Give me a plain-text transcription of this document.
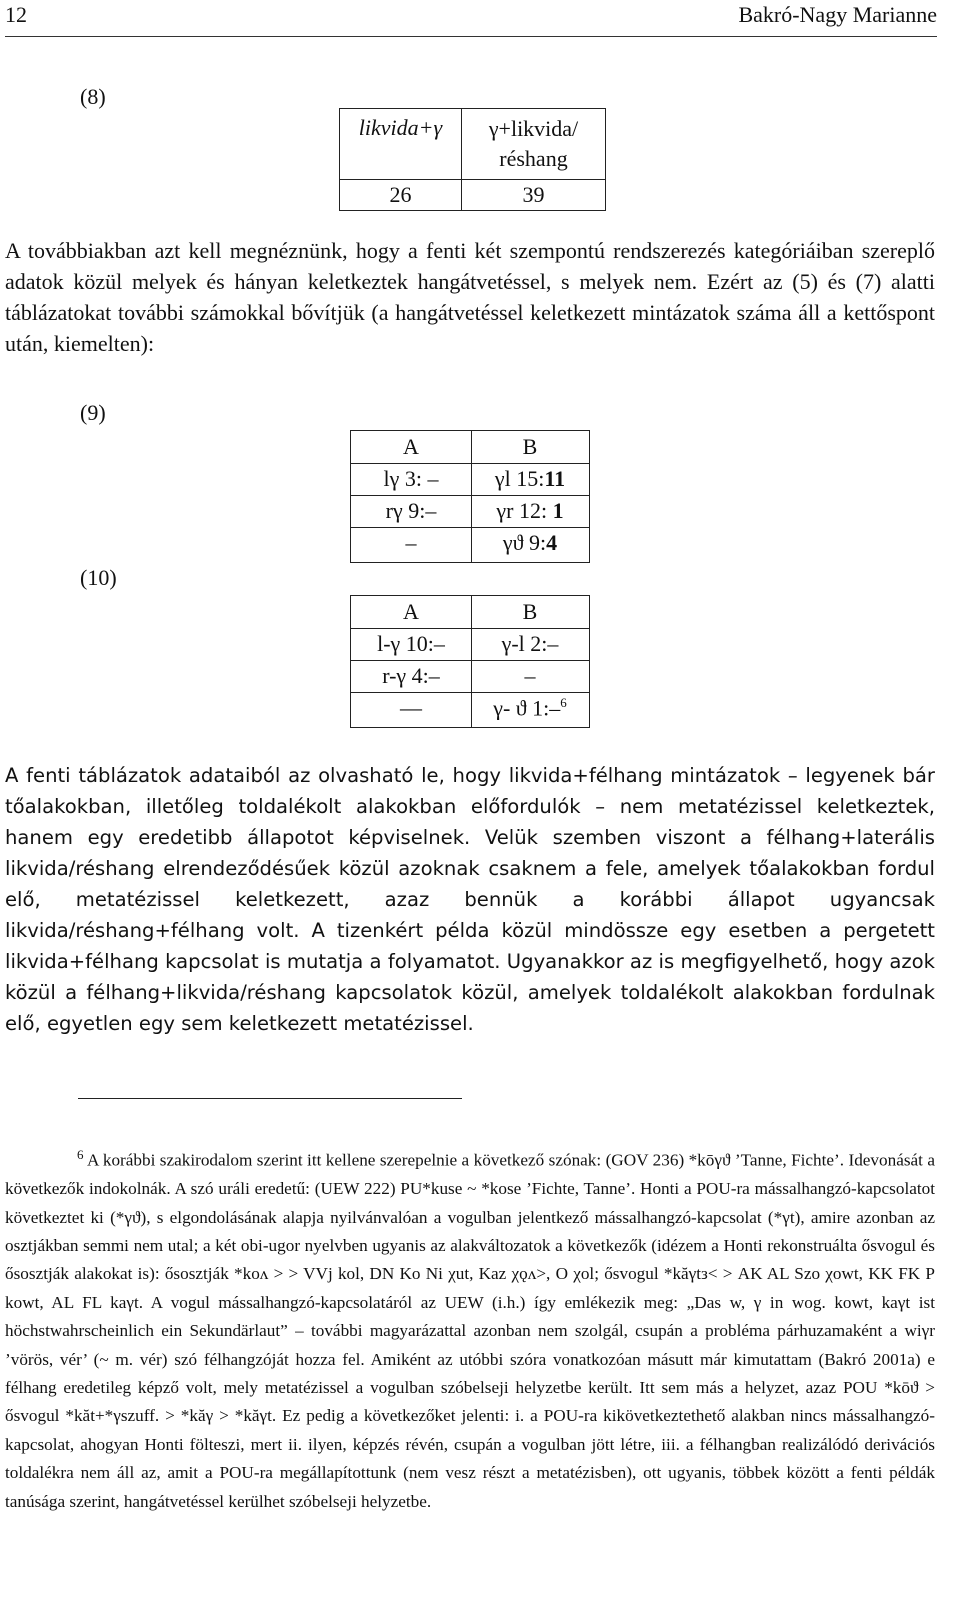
12	Bakró-Nagy Marianne
(8)
likvida+γ	γ+likvida/
réshang
26	39

A továbbiakban azt kell megnéznünk, hogy a fenti két szempontú rendszerezés kategóriáiban szereplő adatok közül melyek és hányan keletkeztek hangátvetéssel, s melyek nem. Ezért az (5) és (7) alatti táblázatokat további számokkal bővítjük (a hangátvetéssel keletkezett mintázatok száma áll a kettőspont után, kiemelten):

(9)
A	B
lγ 3: –	γl 15:11
rγ 9:–	γr 12: 1
–	γϑ 9:4
(10)
A	B
l-γ 10:–	γ-l 2:–
r-γ 4:–	–
—	γ- ϑ 1:–$^6$

A fenti táblázatok adataiból az olvasható le, hogy likvida+félhang mintázatok – legyenek bár tőalakokban, illetőleg toldalékolt alakokban előfordulók – nem metatézissel keletkeztek, hanem egy eredetibb állapotot képviselnek. Velük szemben viszont a félhang+laterális likvida/réshang elrendeződésűek közül azoknak csaknem a fele, amelyek tőalakokban fordul elő, metatézissel keletkezett, azaz bennük a korábbi állapot ugyancsak likvida/réshang+félhang volt. A tizenkért példa közül mindössze egy esetben a pergetett likvida+félhang kapcsolat is mutatja a folyamatot. Ugyanakkor az is megfigyelhető, hogy azok közül a félhang+likvida/réshang kapcsolatok közül, amelyek toldalékolt alakokban fordulnak elő, egyetlen egy sem keletkezett metatézissel.

$^6$ A korábbi szakirodalom szerint itt kellene szerepelnie a következő szónak: (GOV 236) *kōγϑ ’Tanne, Fichte’. Idevonását a következők indokolnák. A szó uráli eredetű: (UEW 222) PU*kuse ~ *kose ’Fichte, Tanne’. Honti a POU-ra mássalhangzó-kapcsolatot következtet ki (*γϑ), s elgondolásának alapja nyilvánvalóan a vogulban jelentkező mássalhangzó-kapcsolat (*γt), amire azonban az osztjákban semmi nem utal; a két obi-ugor nyelvben ugyanis az alakváltozatok a következők (idézem a Honti rekonstruálta ősvogul és ősosztják alakokat is): ősosztják *koʌ > > VVj kol, DN Ko Ni χut, Kaz χǫʌ>, O χol; ősvogul *kăγtз< > AK AL Szo χowt, KK FK P kowt, AL FL kaγt. A vogul mássalhangzó-kapcsolatáról az UEW (i.h.) így emlékezik meg: „Das w, γ in wog. kowt, kaγt ist höchstwahrscheinlich ein Sekundärlaut” – további magyarázattal azonban nem szolgál, csupán a probléma párhuzamaként a wiγr ’vörös, vér’ (~ m. vér) szó félhangzóját hozza fel. Amiként az utóbbi szóra vonatkozóan másutt már kimutattam (Bakró 2001a) e félhang eredetileg képző volt, mely metatézissel a vogulban szóbelseji helyzetbe került. Itt sem más a helyzet, azaz POU *kōϑ > ősvogul *kăt+*γszuff. > *kăγ > *kăγt. Ez pedig a következőket jelenti: i. a POU-ra kikövetkeztethető alakban nincs mássalhangzó-kapcsolat, ahogyan Honti fölteszi, mert ii. ilyen, képzés révén, csupán a vogulban jött létre, iii. a félhangban realizálódó derivációs toldalékra nem áll az, amit a POU-ra megállapítottunk (nem vesz részt a metatézisben), ott ugyanis, többek között a fenti példák tanúsága szerint, hangátvetéssel kerülhet szóbelseji helyzetbe.
